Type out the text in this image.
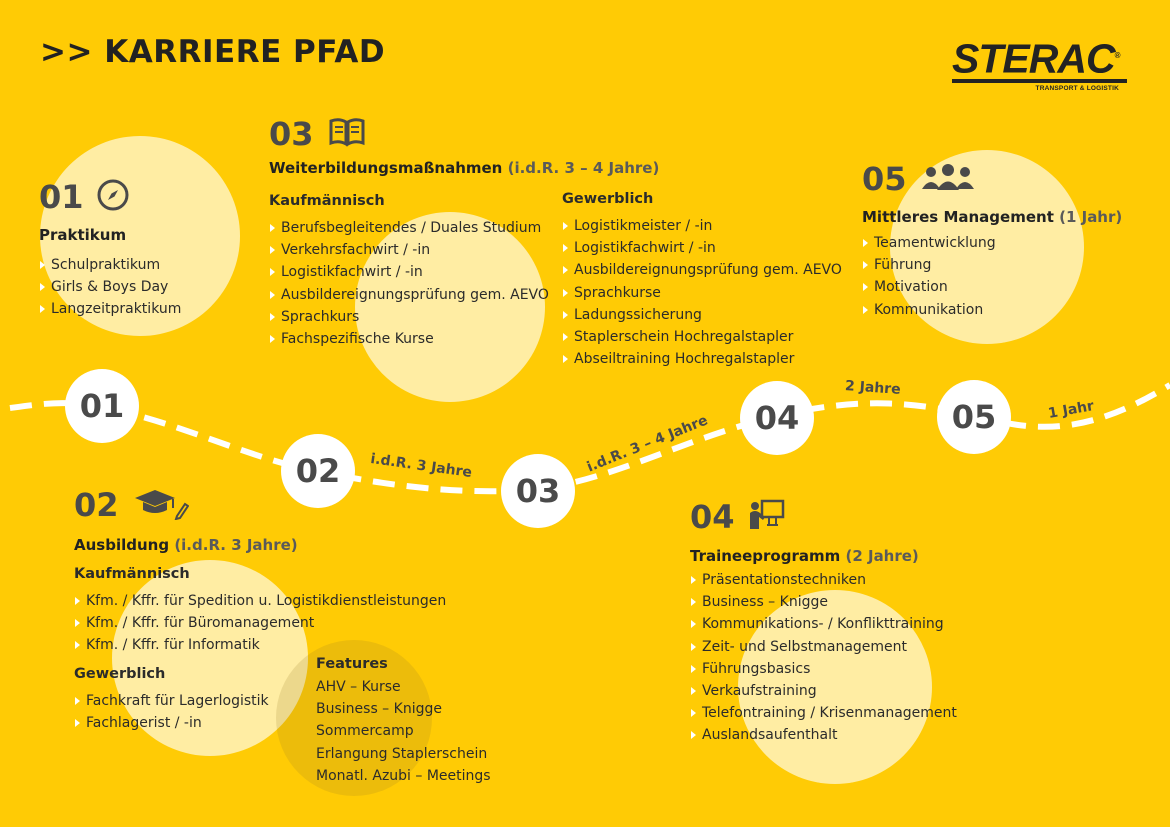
>> KARRIERE PFAD	STERAC®
TRANSPORT & LOGISTIK
01
02
03
04	05
i.d.R. 3 Jahre	i.d.R. 3 – 4 Jahre
2 Jahre
1 Jahr
01
Praktikum
Schulpraktikum
Girls & Boys Day
Langzeitpraktikum
03
Weiterbildungsmaßnahmen (i.d.R. 3 – 4 Jahre)
Kaufmännisch
Berufsbegleitendes / Duales Studium
Verkehrsfachwirt / -in
Logistikfachwirt / -in
Ausbildereignungsprüfung gem. AEVO
Sprachkurs
Fachspezifische Kurse
Gewerblich
Logistikmeister / -in
Logistikfachwirt / -in
Ausbildereignungsprüfung gem. AEVO
Sprachkurse
Ladungssicherung
Staplerschein Hochregalstapler
Abseiltraining Hochregalstapler
05
Mittleres Management (1 Jahr)
Teamentwicklung
Führung
Motivation
Kommunikation
02
Ausbildung (i.d.R. 3 Jahre)
Kaufmännisch
Kfm. / Kffr. für Spedition u. Logistikdienstleistungen
Kfm. / Kffr. für Büromanagement
Kfm. / Kffr. für Informatik
Gewerblich
Fachkraft für Lagerlogistik
Fachlagerist / -in
Features
AHV – Kurse
Business – Knigge
Sommercamp
Erlangung Staplerschein
Monatl. Azubi – Meetings
04
Traineeprogramm (2 Jahre)
Präsentationstechniken
Business – Knigge
Kommunikations- / Konflikttraining
Zeit- und Selbstmanagement
Führungsbasics
Verkaufstraining
Telefontraining / Krisenmanagement
Auslandsaufenthalt
